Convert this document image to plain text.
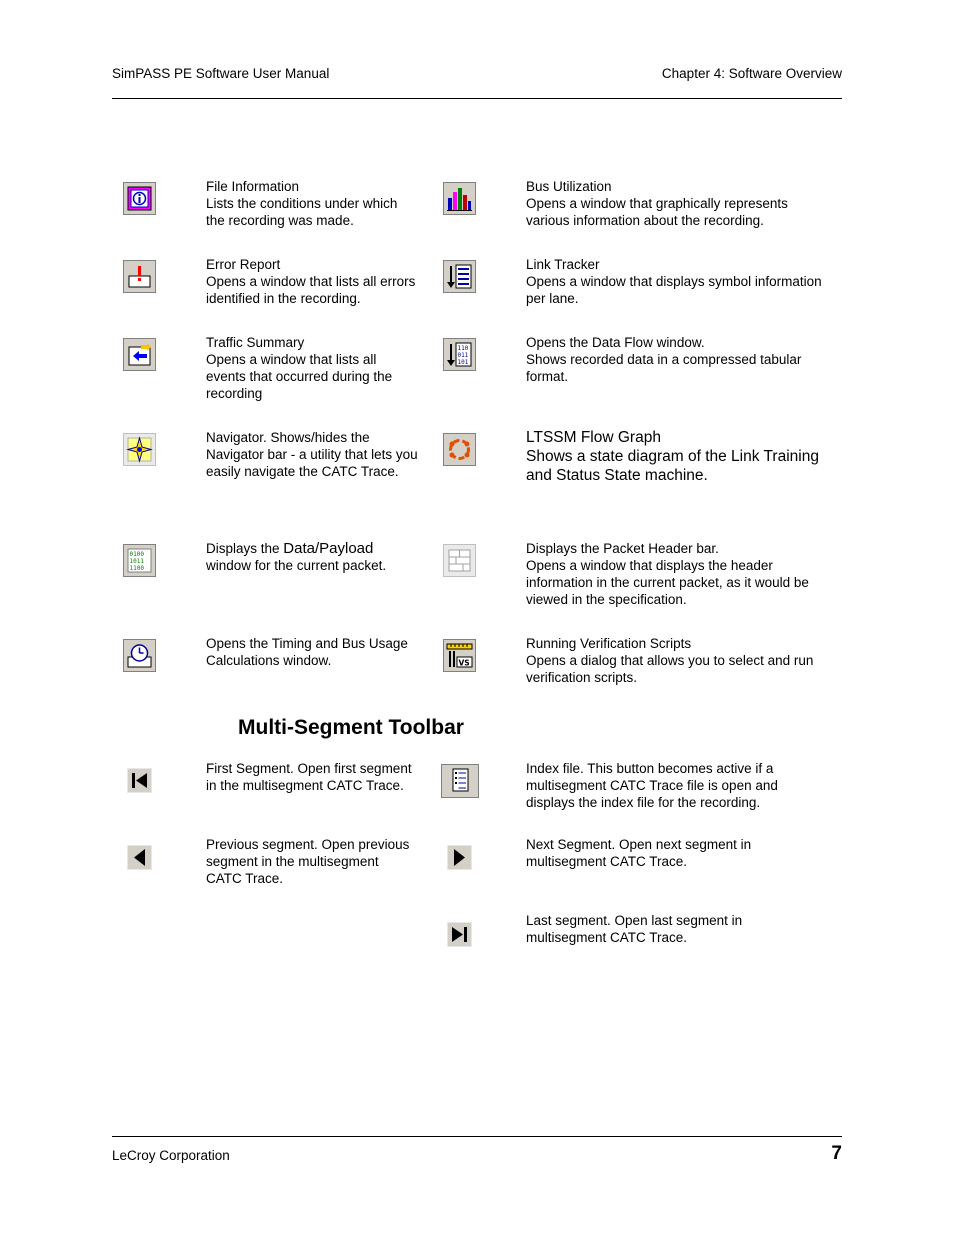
SimPASS PE Software User Manual	Chapter 4: Software Overview
File Information
Lists the conditions under which
the recording was made.
Bus Utilization
Opens a window that graphically represents
various information about the recording.
Error Report
Opens a window that lists all errors
identified in the recording.
Link Tracker
Opens a window that displays symbol information
per lane.
Traffic Summary
Opens a window that lists all
events that occurred during the
recording
110
011
101
Opens the Data Flow window.
Shows recorded data in a compressed tabular
format.
Navigator. Shows/hides the
Navigator bar - a utility that lets you
easily navigate the CATC Trace.
LTSSM Flow Graph
Shows a state diagram of the Link Training
and Status State machine.
0100
1011
1100
Displays the Data/Payload
window for the current packet.
Displays the Packet Header bar.
Opens a window that displays the header
information in the current packet, as it would be
viewed in the specification.
Opens the Timing and Bus Usage
Calculations window.	VS
Running Verification Scripts
Opens a dialog that allows you to select and run
verification scripts.
Multi-Segment Toolbar
First Segment. Open first segment
in the multisegment CATC Trace.
Index file. This button becomes active if a
multisegment CATC Trace file is open and
displays the index file for the recording.
Previous segment. Open previous
segment in the multisegment
CATC Trace.
Next Segment. Open next segment in
multisegment CATC Trace.
Last segment. Open last segment in
multisegment CATC Trace.
LeCroy Corporation	7
